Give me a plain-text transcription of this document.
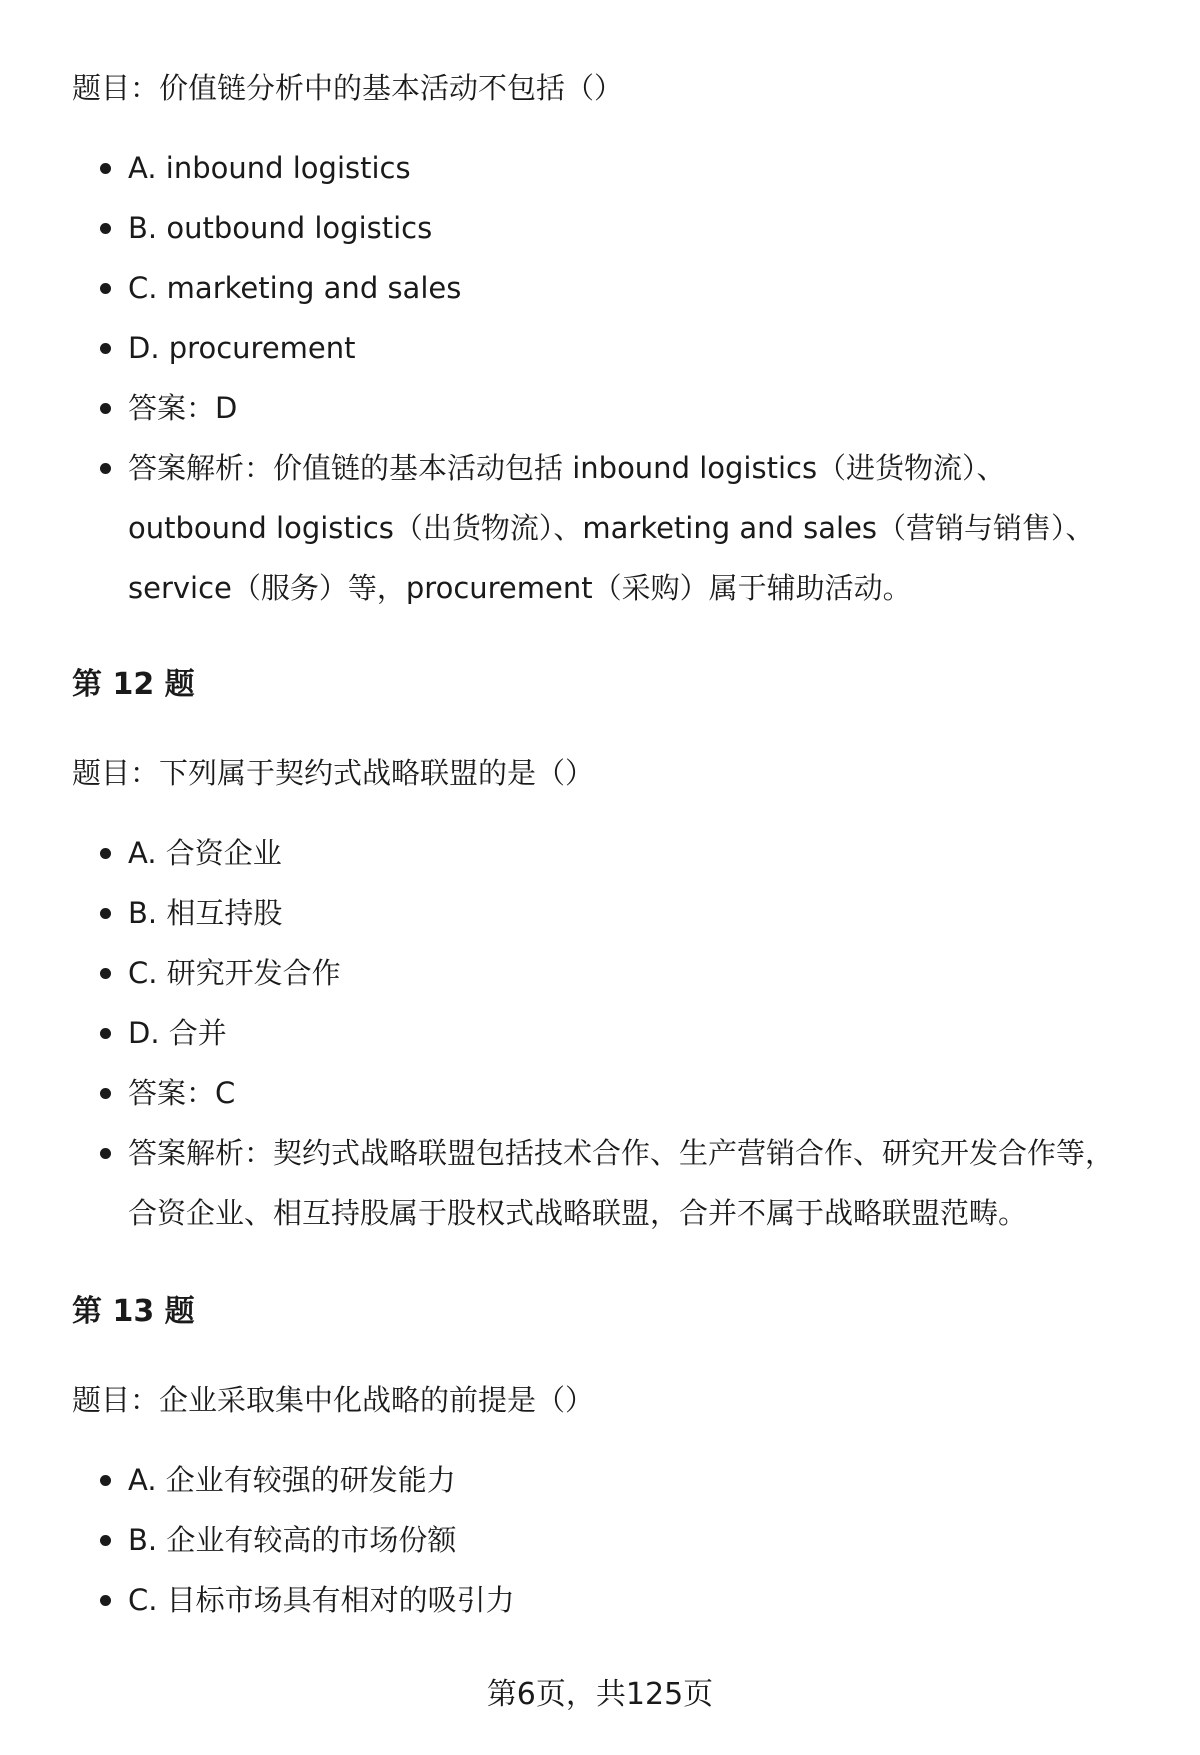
题目：价值链分析中的基本活动不包括（）

A. inbound logistics
B. outbound logistics
C. marketing and sales
D. procurement
答案：D
答案解析：价值链的基本活动包括 inbound logistics（进货物流）、outbound logistics（出货物流）、marketing and sales（营销与销售）、service（服务）等，procurement（采购）属于辅助活动。

第 12 题

题目：下列属于契约式战略联盟的是（）

A. 合资企业
B. 相互持股
C. 研究开发合作
D. 合并
答案：C
答案解析：契约式战略联盟包括技术合作、生产营销合作、研究开发合作等，合资企业、相互持股属于股权式战略联盟，合并不属于战略联盟范畴。

第 13 题

题目：企业采取集中化战略的前提是（）

A. 企业有较强的研发能力
B. 企业有较高的市场份额
C. 目标市场具有相对的吸引力
第6页，共125页
